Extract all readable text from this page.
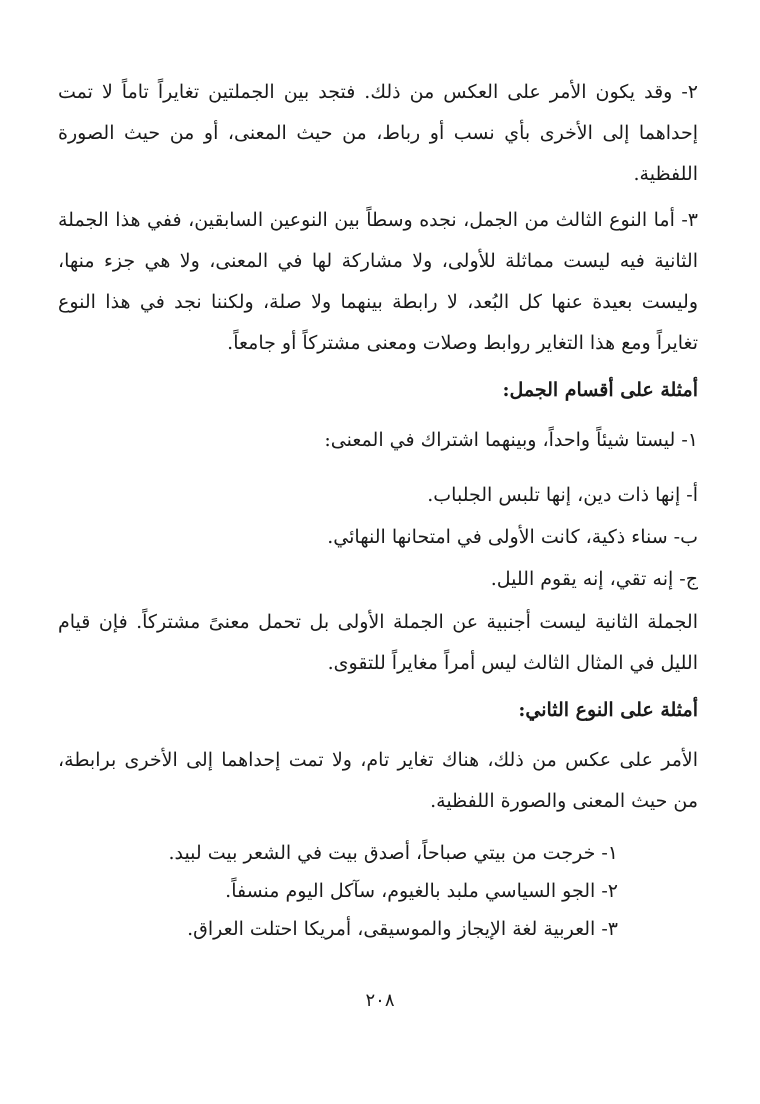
٢- وقد يكون الأمر على العكس من ذلك. فتجد بين الجملتين تغايراً تاماً لا تمت إحداهما إلى الأخرى بأي نسب أو رباط، من حيث المعنى، أو من حيث الصورة اللفظية.

٣- أما النوع الثالث من الجمل، نجده وسطاً بين النوعين السابقين، ففي هذا الجملة الثانية فيه ليست مماثلة للأولى، ولا مشاركة لها في المعنى، ولا هي جزء منها، وليست بعيدة عنها كل البُعد، لا رابطة بينهما ولا صلة، ولكننا نجد في هذا النوع تغايراً ومع هذا التغاير روابط وصلات ومعنى مشتركاً أو جامعاً.

أمثلة على أقسام الجمل:

١- ليستا شيئاً واحداً، وبينهما اشتراك في المعنى:

أ- إنها ذات دين، إنها تلبس الجلباب.

ب- سناء ذكية، كانت الأولى في امتحانها النهائي.

ج- إنه تقي، إنه يقوم الليل.

الجملة الثانية ليست أجنبية عن الجملة الأولى بل تحمل معنىً مشتركاً. فإن قيام الليل في المثال الثالث ليس أمراً مغايراً للتقوى.

أمثلة على النوع الثاني:

الأمر على عكس من ذلك، هناك تغاير تام، ولا تمت إحداهما إلى الأخرى برابطة، من حيث المعنى والصورة اللفظية.

١- خرجت من بيتي صباحاً، أصدق بيت في الشعر بيت لبيد.

٢- الجو السياسي ملبد بالغيوم، سآكل اليوم منسفاً.

٣- العربية لغة الإيجاز والموسيقى، أمريكا احتلت العراق.

٢٠٨
